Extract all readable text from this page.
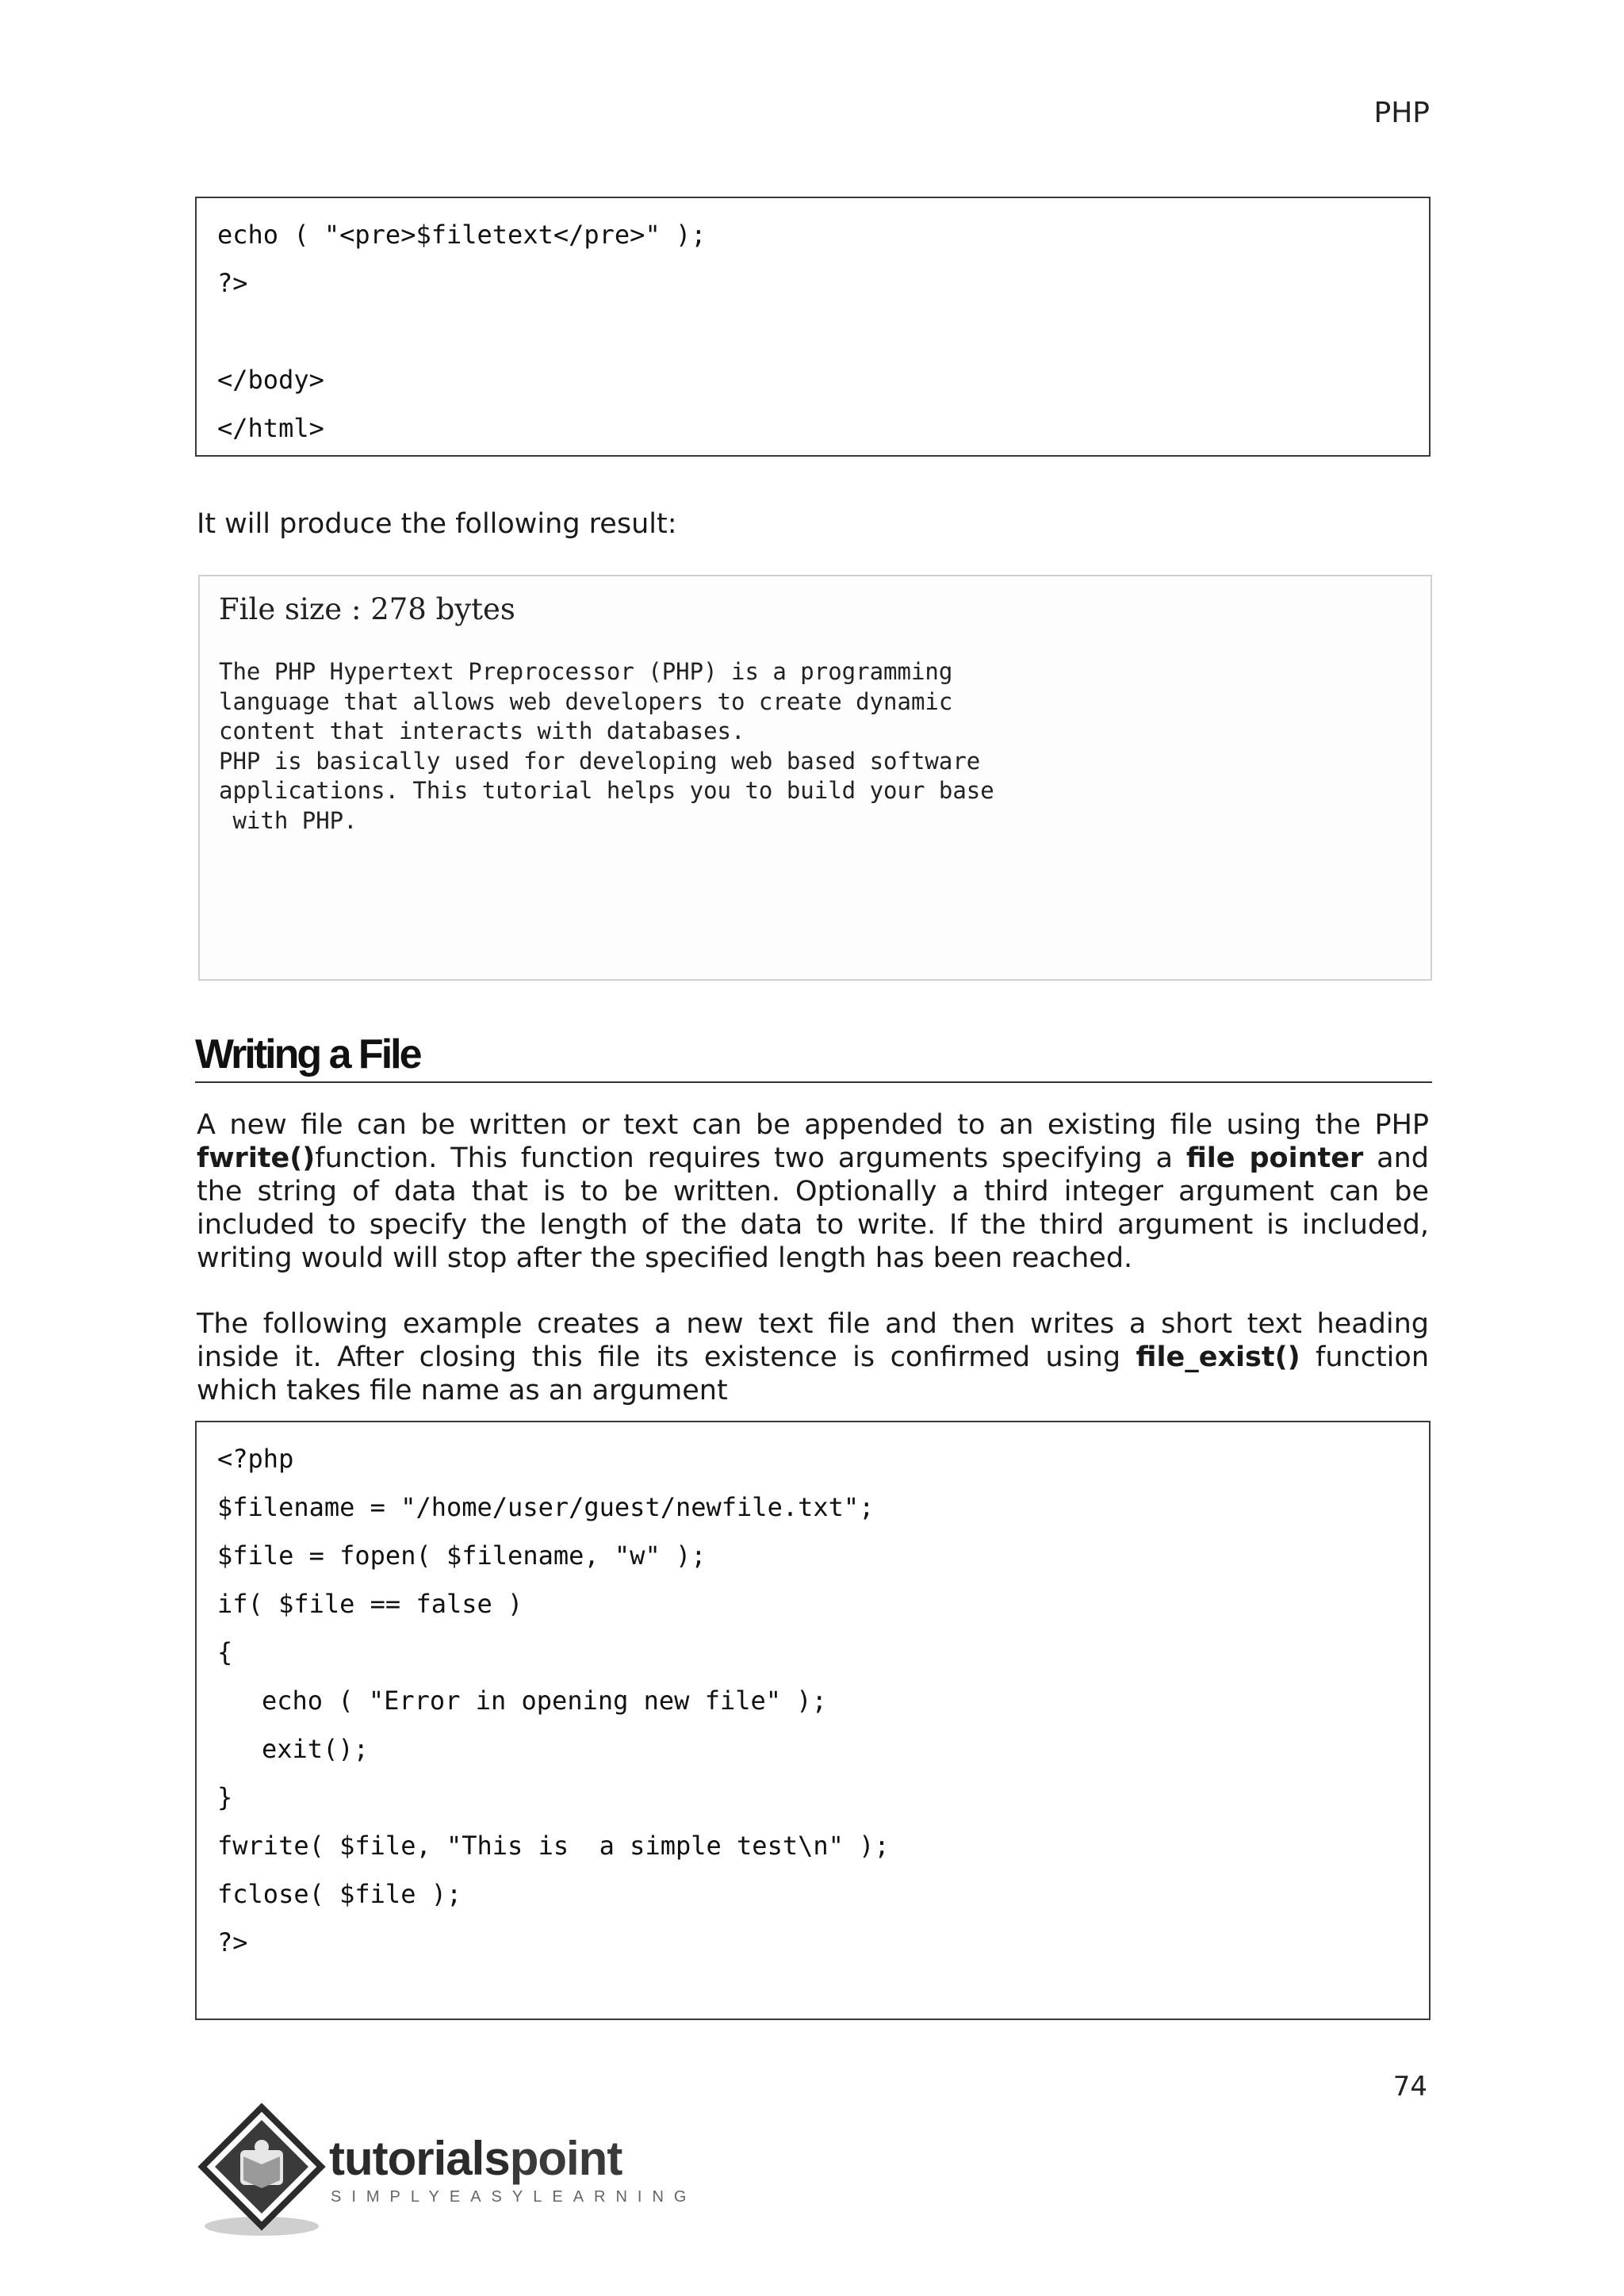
PHP
echo ( "<pre>$filetext</pre>" );
?>
</body>
</html>
It will produce the following result:
File size : 278 bytes
The PHP Hypertext Preprocessor (PHP) is a programming
language that allows web developers to create dynamic
content that interacts with databases.
PHP is basically used for developing web based software
applications. This tutorial helps you to build your base
with PHP.
Writing a File
A new file can be written or text can be appended to an existing file using the PHP fwrite()function. This function requires two arguments specifying a file pointer and the string of data that is to be written. Optionally a third integer argument can be included to specify the length of the data to write. If the third argument is included, writing would will stop after the specified length has been reached.
The following example creates a new text file and then writes a short text heading inside it. After closing this file its existence is confirmed using file_exist() function which takes file name as an argument
<?php
$filename = "/home/user/guest/newfile.txt";
$file = fopen( $filename, "w" );
if( $file == false )
{
echo ( "Error in opening new file" );
exit();
}
fwrite( $file, "This is  a simple test\n" );
fclose( $file );
?>
74
tutorialspoint
SIMPLYEASYLEARNING
